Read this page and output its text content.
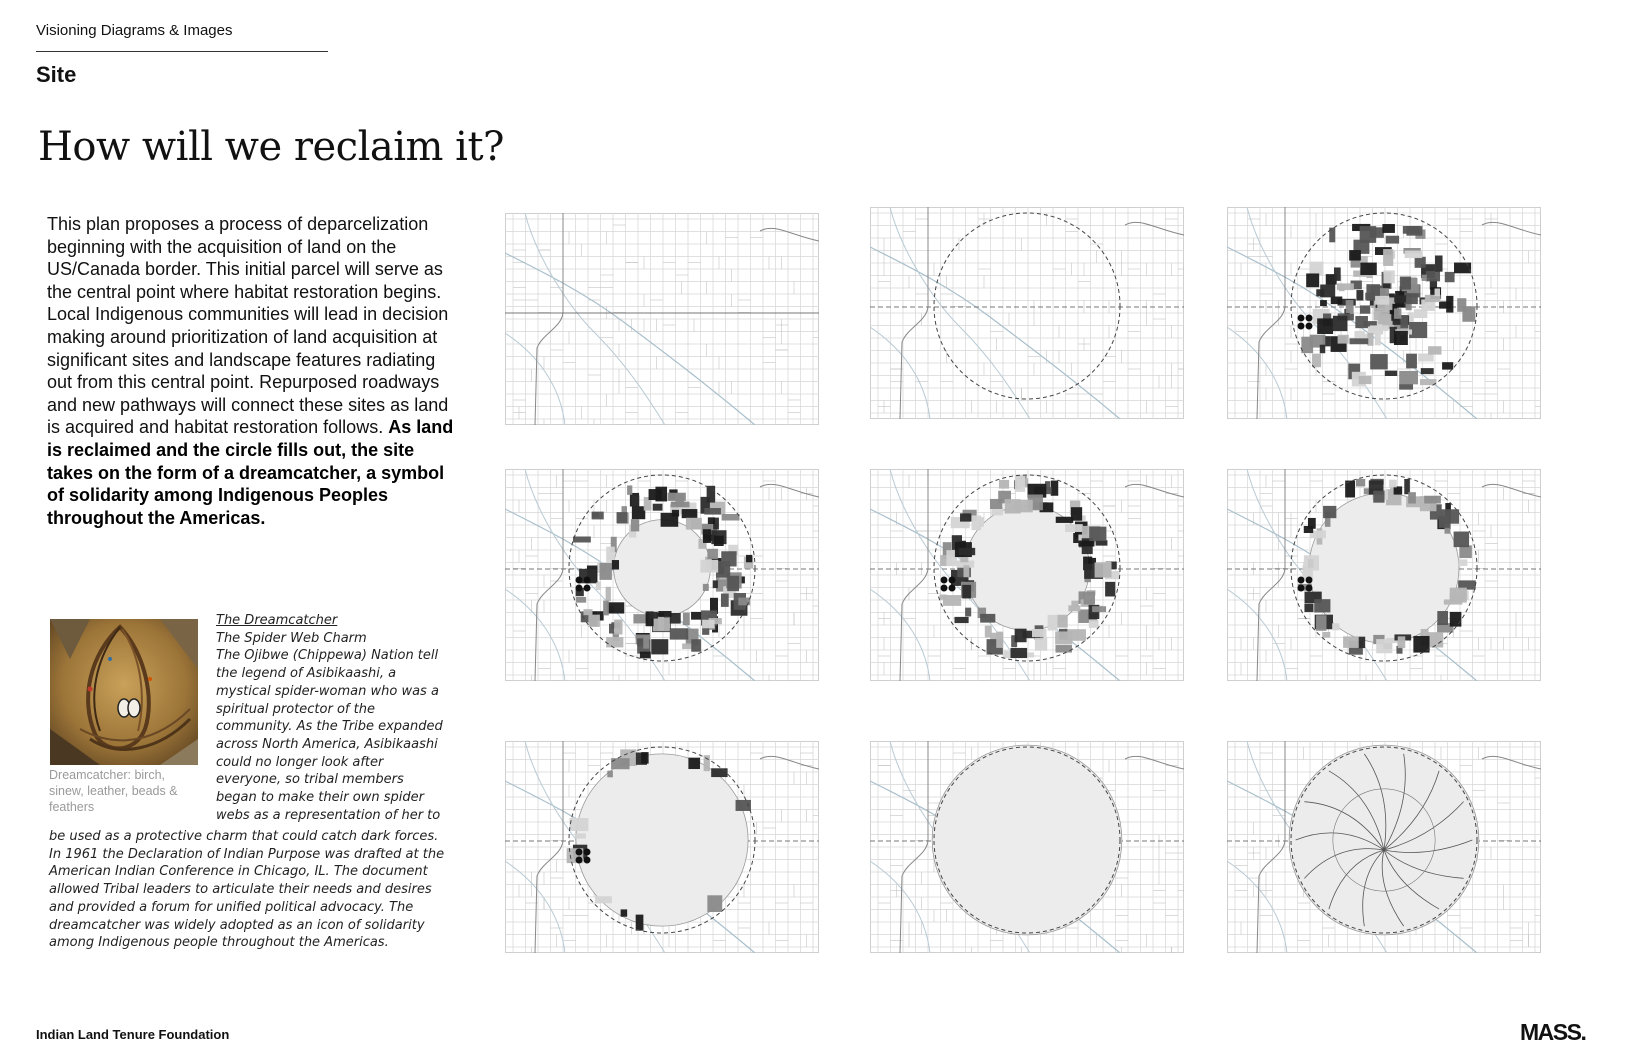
Visioning Diagrams & Images
Site
How will we reclaim it?
This plan proposes a process of deparcelization beginning with the acquisition of land on the US/Canada border. This initial parcel will serve as the central point where habitat restoration begins. Local Indigenous communities will lead in decision making around prioritization of land acquisition at significant sites and landscape features radiating out from this central point. Repurposed roadways and new pathways will connect these sites as land is acquired and habitat restoration follows. As land is reclaimed and the circle fills out, the site takes on the form of a dreamcatcher, a symbol of solidarity among Indigenous Peoples throughout the Americas.
Dreamcatcher: birch, sinew, leather, beads & feathers
The Dreamcatcher
The Spider Web Charm
The Ojibwe (Chippewa) Nation tell
the legend of Asibikaashi, a
mystical spider-woman who was a
spiritual protector of the
community. As the Tribe expanded
across North America, Asibikaashi
could no longer look after
everyone, so tribal members
began to make their own spider
webs as a representation of her to
be used as a protective charm that could catch dark forces.
In 1961 the Declaration of Indian Purpose was drafted at the
American Indian Conference in Chicago, IL. The document
allowed Tribal leaders to articulate their needs and desires
and provided a forum for unified political advocacy. The
dreamcatcher was widely adopted as an icon of solidarity
among Indigenous people throughout the Americas.
Indian Land Tenure Foundation	MASS.
